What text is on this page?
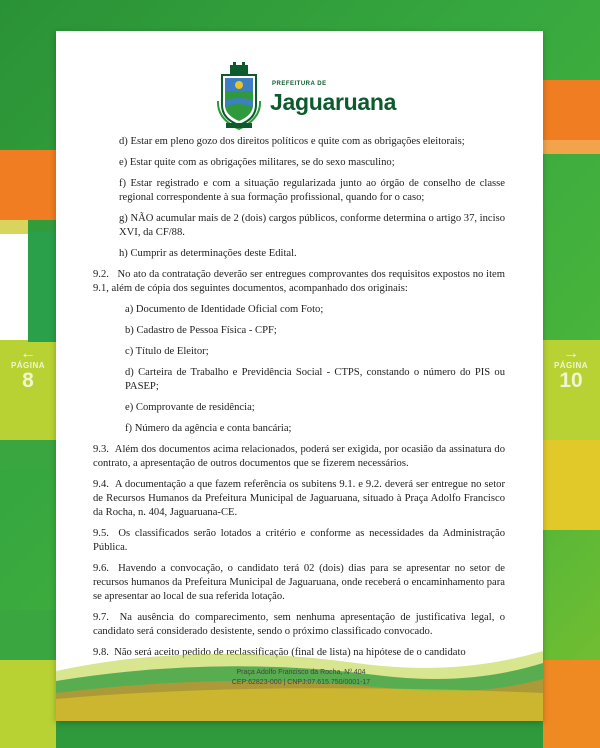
←
PÁGINA
8
→
PÁGINA
10
PREFEITURA DE
Jaguaruana

d) Estar em pleno gozo dos direitos políticos e quite com as obrigações eleitorais;

e) Estar quite com as obrigações militares, se do sexo masculino;

f) Estar registrado e com a situação regularizada junto ao órgão de conselho de classe regional correspondente à sua formação profissional, quando for o caso;

g) NÃO acumular mais de 2 (dois) cargos públicos, conforme determina o artigo 37, inciso XVI, da CF/88.

h) Cumprir as determinações deste Edital.

9.2. No ato da contratação deverão ser entregues comprovantes dos requisitos expostos no item 9.1, além de cópia dos seguintes documentos, acompanhado dos originais:

a) Documento de Identidade Oficial com Foto;

b) Cadastro de Pessoa Física - CPF;

c) Título de Eleitor;

d) Carteira de Trabalho e Previdência Social - CTPS, constando o número do PIS ou PASEP;

e) Comprovante de residência;

f) Número da agência e conta bancária;

9.3. Além dos documentos acima relacionados, poderá ser exigida, por ocasião da assinatura do contrato, a apresentação de outros documentos que se fizerem necessários.
9.4. A documentação a que fazem referência os subitens 9.1. e 9.2. deverá ser entregue no setor de Recursos Humanos da Prefeitura Municipal de Jaguaruana, situado à Praça Adolfo Francisco da Rocha, n. 404, Jaguaruana-CE.
9.5. Os classificados serão lotados a critério e conforme as necessidades da Administração Pública.
9.6. Havendo a convocação, o candidato terá 02 (dois) dias para se apresentar no setor de recursos humanos da Prefeitura Municipal de Jaguaruana, onde receberá o encaminhamento para se apresentar ao local de sua referida lotação.
9.7. Na ausência do comparecimento, sem nenhuma apresentação de justificativa legal, o candidato será considerado desistente, sendo o próximo classificado convocado.
9.8. Não será aceito pedido de reclassificação (final de lista) na hipótese de o candidato
Praça Adolfo Francisco da Rocha, Nº 404
CEP:62823-000 | CNPJ:07.615.750/0001-17
